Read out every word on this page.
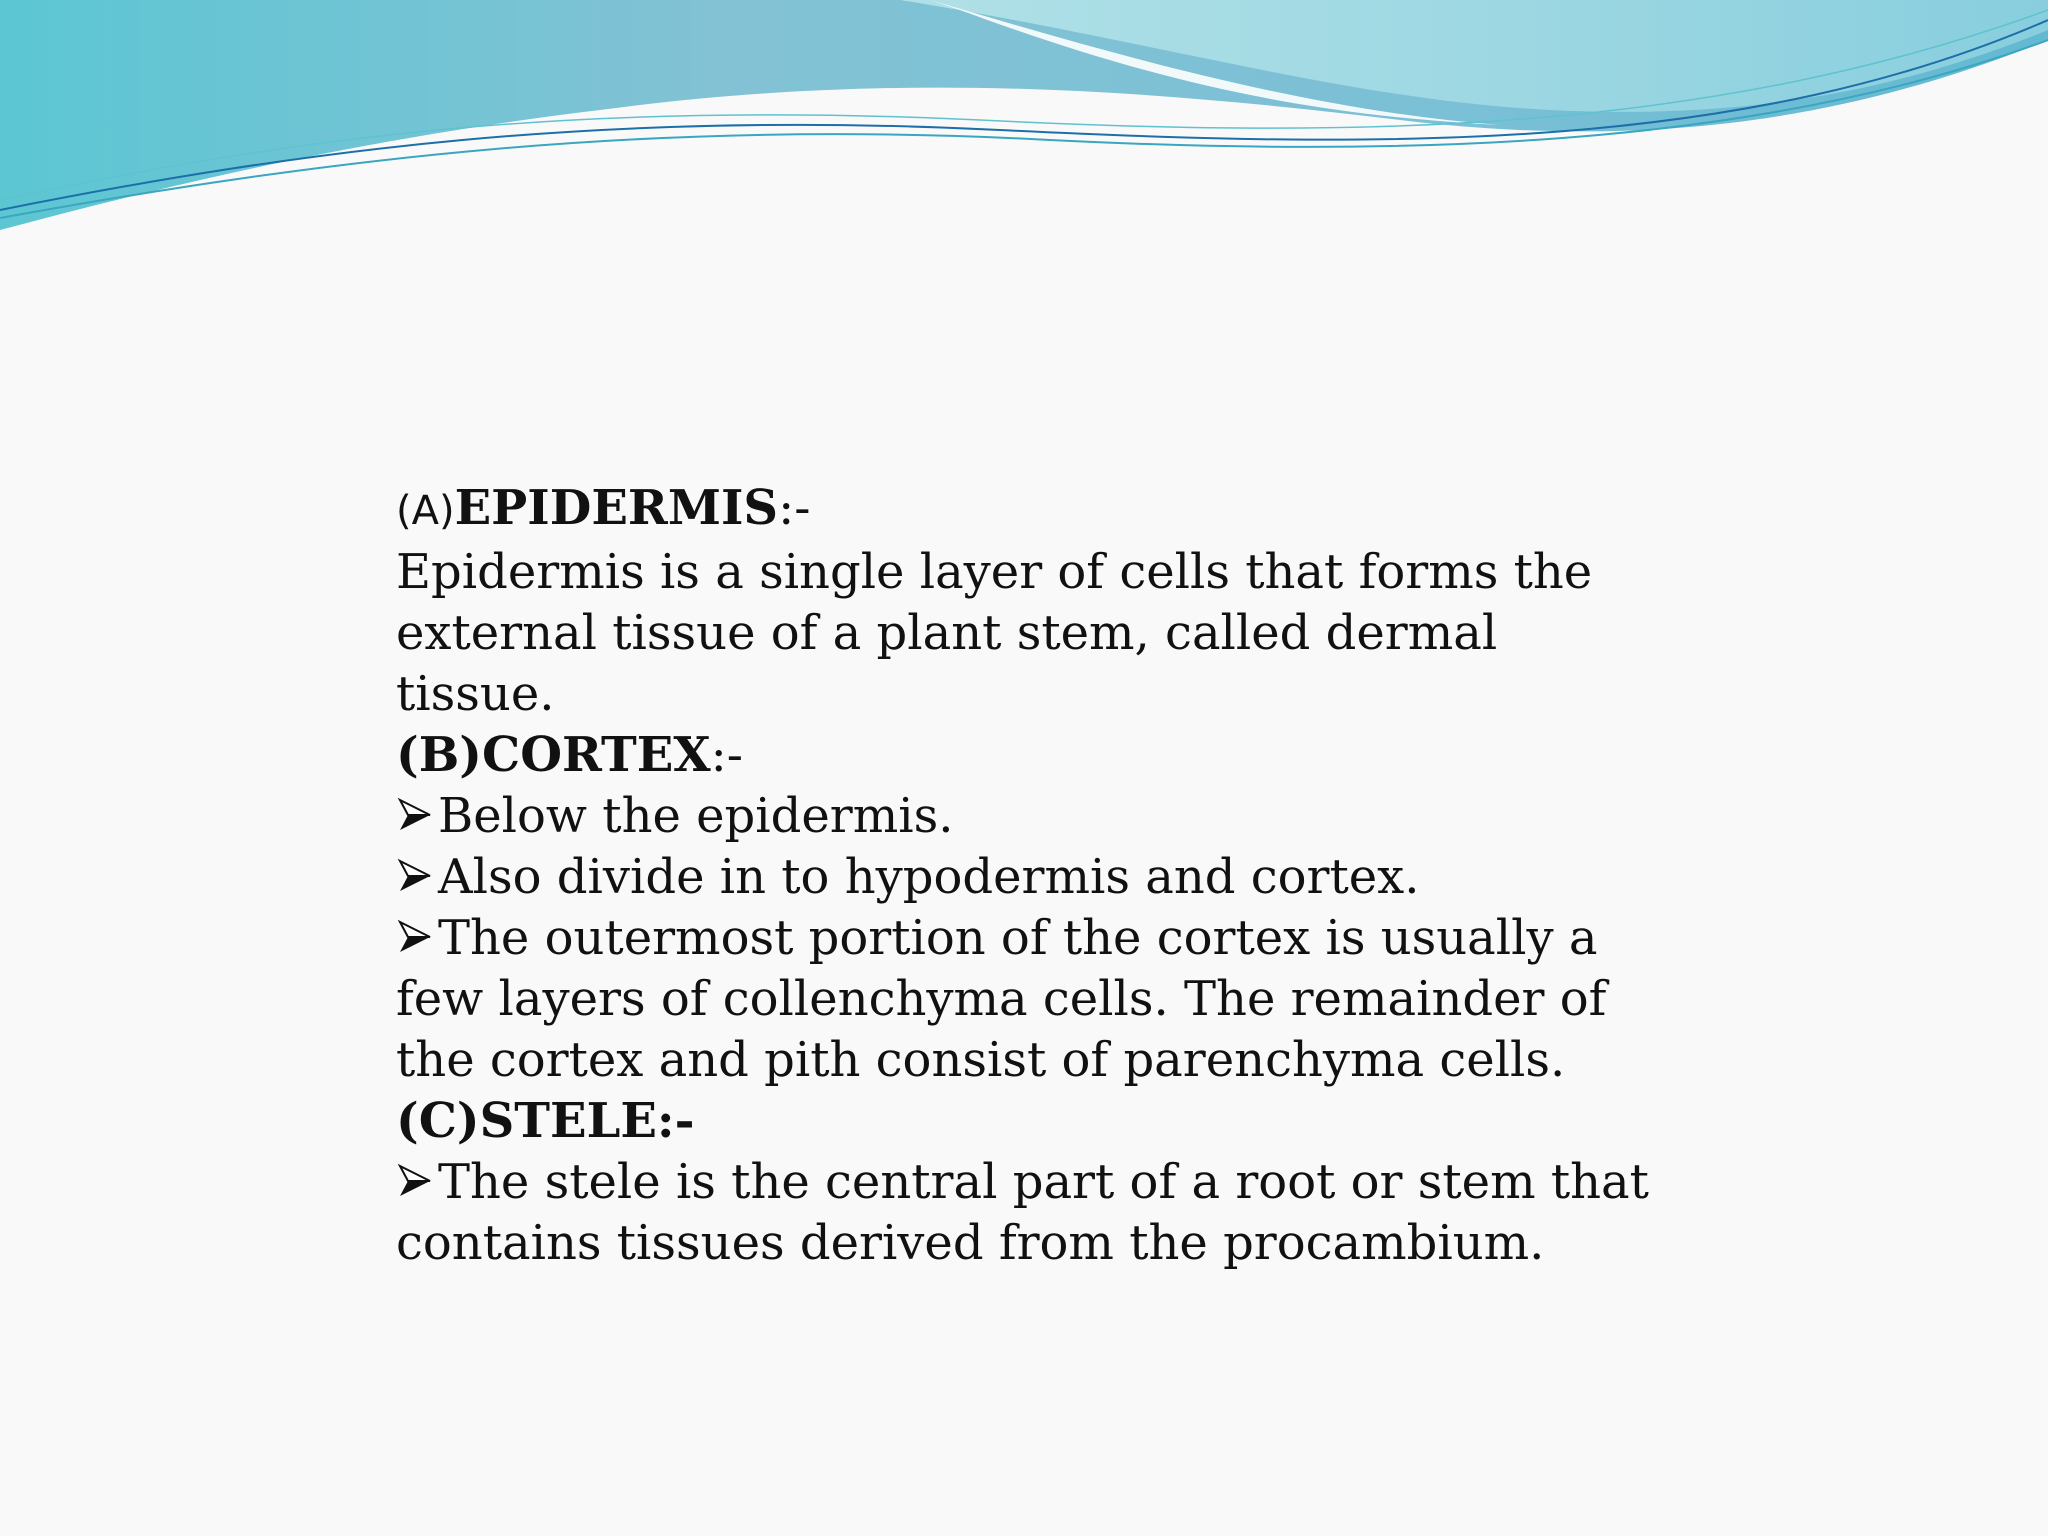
(A)EPIDERMIS:-
Epidermis is a single layer of cells that forms the
external tissue of a plant stem, called dermal
tissue.
(B)CORTEX:-
Below the epidermis.
Also divide in to hypodermis and cortex.
The outermost portion of the cortex is usually a
few layers of collenchyma cells. The remainder of
the cortex and pith consist of parenchyma cells.
(C)STELE:-
The stele is the central part of a root or stem that
contains tissues derived from the procambium.
